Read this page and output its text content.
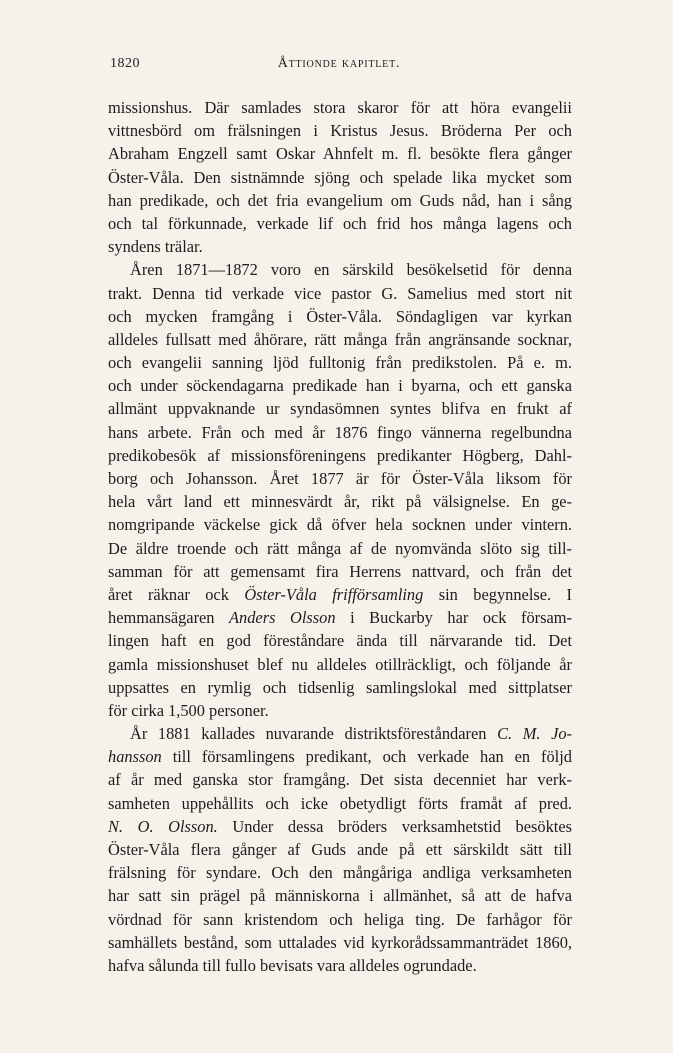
1820	Åttionde kapitlet.
missionshus. Där samlades stora skaror för att höra evangelii
vittnesbörd om frälsningen i Kristus Jesus. Bröderna Per och
Abraham Engzell samt Oskar Ahnfelt m. fl. besökte flera gånger
Öster-Våla. Den sistnämnde sjöng och spelade lika mycket som
han predikade, och det fria evangelium om Guds nåd, han i sång
och tal förkunnade, verkade lif och frid hos många lagens och
syndens trälar.
Åren 1871—1872 voro en särskild besökelsetid för denna
trakt. Denna tid verkade vice pastor G. Samelius med stort nit
och mycken framgång i Öster-Våla. Söndagligen var kyrkan
alldeles fullsatt med åhörare, rätt många från angränsande socknar,
och evangelii sanning ljöd fulltonig från predikstolen. På e. m.
och under söckendagarna predikade han i byarna, och ett ganska
allmänt uppvaknande ur syndasömnen syntes blifva en frukt af
hans arbete. Från och med år 1876 fingo vännerna regelbundna
predikobesök af missionsföreningens predikanter Högberg, Dahl-
borg och Johansson. Året 1877 är för Öster-Våla liksom för
hela vårt land ett minnesvärdt år, rikt på välsignelse. En ge-
nomgripande väckelse gick då öfver hela socknen under vintern.
De äldre troende och rätt många af de nyomvända slöto sig till-
samman för att gemensamt fira Herrens nattvard, och från det
året räknar ock Öster-Våla frifförsamling sin begynnelse. I
hemmansägaren Anders Olsson i Buckarby har ock försam-
lingen haft en god föreståndare ända till närvarande tid. Det
gamla missionshuset blef nu alldeles otillräckligt, och följande år
uppsattes en rymlig och tidsenlig samlingslokal med sittplatser
för cirka 1,500 personer.
År 1881 kallades nuvarande distriktsföreståndaren C. M. Jo-
hansson till församlingens predikant, och verkade han en följd
af år med ganska stor framgång. Det sista decenniet har verk-
samheten uppehållits och icke obetydligt förts framåt af pred.
N. O. Olsson. Under dessa bröders verksamhetstid besöktes
Öster-Våla flera gånger af Guds ande på ett särskildt sätt till
frälsning för syndare. Och den mångåriga andliga verksamheten
har satt sin prägel på människorna i allmänhet, så att de hafva
vördnad för sann kristendom och heliga ting. De farhågor för
samhällets bestånd, som uttalades vid kyrkorådssammanträdet 1860,
hafva sålunda till fullo bevisats vara alldeles ogrundade.
